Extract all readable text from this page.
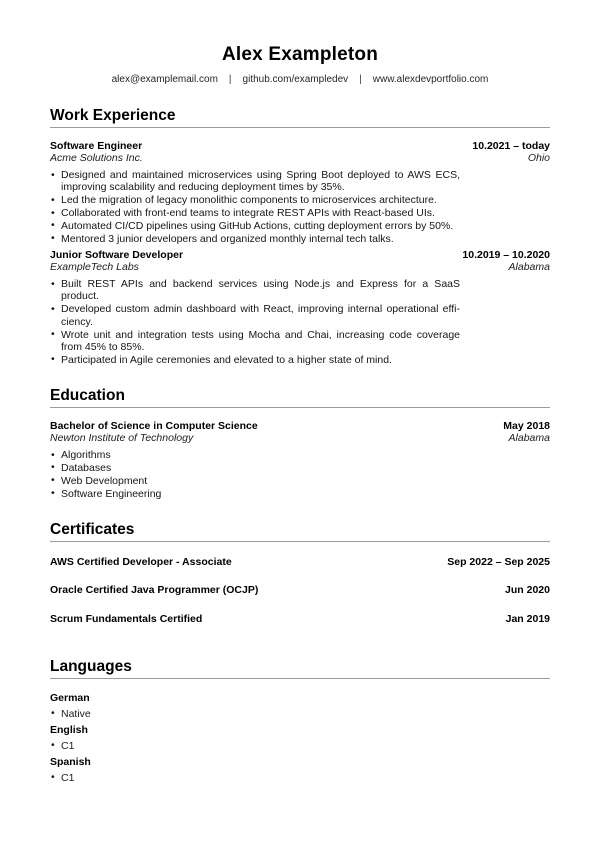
Alex Exampleton
alex@examplemail.com | github.com/exampledev | www.alexdevportfolio.com
Work Experience
Software Engineer	10.2021 – today
Acme Solutions Inc.	Ohio
• Designed and maintained microservices using Spring Boot deployed to AWS ECS, improving scalability and reducing deployment times by 35%.
• Led the migration of legacy monolithic components to microservices architecture.
• Collaborated with front-end teams to integrate REST APIs with React-based UIs.
• Automated CI/CD pipelines using GitHub Actions, cutting deployment errors by 50%.
• Mentored 3 junior developers and organized monthly internal tech talks.
Junior Software Developer	10.2019 – 10.2020
ExampleTech Labs	Alabama
• Built REST APIs and backend services using Node.js and Express for a SaaS product.
• Developed custom admin dashboard with React, improving internal operational efficiency.
• Wrote unit and integration tests using Mocha and Chai, increasing code coverage from 45% to 85%.
• Participated in Agile ceremonies and elevated to a higher state of mind.
Education
Bachelor of Science in Computer Science	May 2018
Newton Institute of Technology	Alabama
• Algorithms
• Databases
• Web Development
• Software Engineering
Certificates
AWS Certified Developer - Associate	Sep 2022 – Sep 2025
Oracle Certified Java Programmer (OCJP)	Jun 2020
Scrum Fundamentals Certified	Jan 2019
Languages
German
• Native
English
• C1
Spanish
• C1
